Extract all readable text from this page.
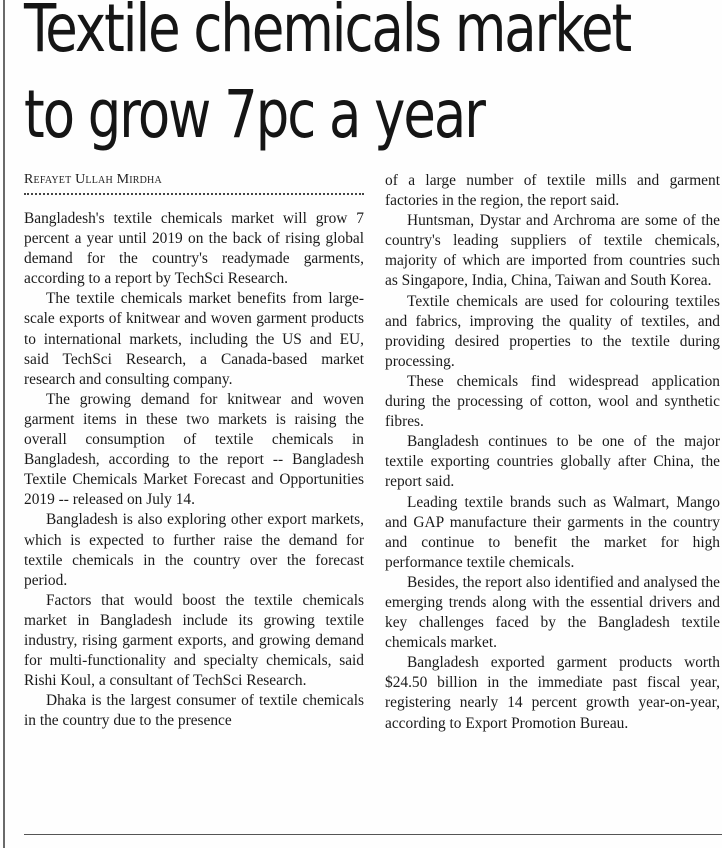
Textile chemicals market
to grow 7pc a year
Refayet Ullah Mirdha

Bangladesh's textile chemicals market will grow 7 percent a year until 2019 on the back of rising global demand for the country's readymade garments, according to a report by TechSci Research.

The textile chemicals market benefits from large-scale exports of knitwear and woven garment products to international markets, including the US and EU, said TechSci Research, a Canada-based market research and consulting company.

The growing demand for knitwear and woven garment items in these two markets is raising the overall consumption of textile chemicals in Bangladesh, according to the report -- Bangladesh Textile Chemicals Market Forecast and Opportunities 2019 -- released on July 14.

Bangladesh is also exploring other export markets, which is expected to further raise the demand for textile chemicals in the country over the forecast period.

Factors that would boost the textile chemicals market in Bangladesh include its growing textile industry, rising garment exports, and growing demand for multi-functionality and specialty chemicals, said Rishi Koul, a consultant of TechSci Research.

Dhaka is the largest consumer of textile chemicals in the country due to the presence

of a large number of textile mills and garment factories in the region, the report said.

Huntsman, Dystar and Archroma are some of the country's leading suppliers of textile chemicals, majority of which are imported from countries such as Singapore, India, China, Taiwan and South Korea.

Textile chemicals are used for colouring textiles and fabrics, improving the quality of textiles, and providing desired properties to the textile during processing.

These chemicals find widespread application during the processing of cotton, wool and synthetic fibres.

Bangladesh continues to be one of the major textile exporting countries globally after China, the report said.

Leading textile brands such as Walmart, Mango and GAP manufacture their garments in the country and continue to benefit the market for high performance textile chemicals.

Besides, the report also identified and analysed the emerging trends along with the essential drivers and key challenges faced by the Bangladesh textile chemicals market.

Bangladesh exported garment products worth $24.50 billion in the immediate past fiscal year, registering nearly 14 percent growth year-on-year, according to Export Promotion Bureau.
